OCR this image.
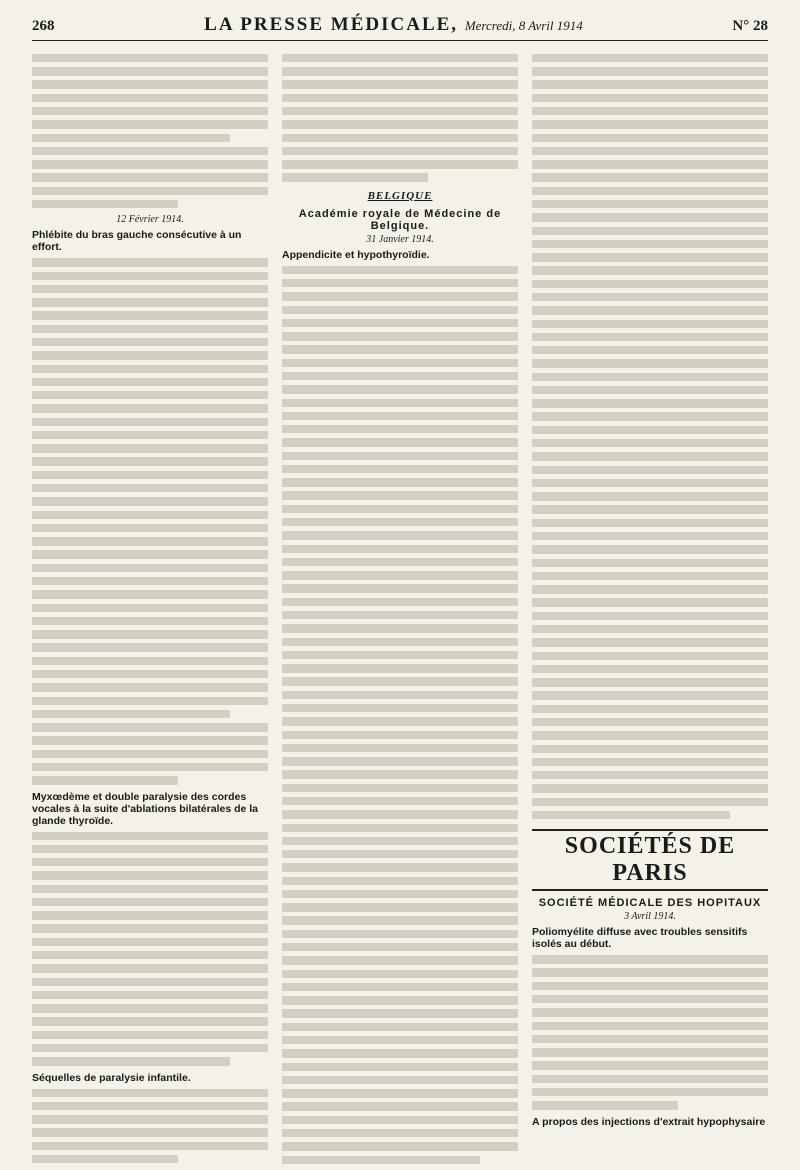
268	LA PRESSE MÉDICALE, Mercredi, 8 Avril 1914	N° 28
12 Février 1914.
Phlébite du bras gauche consécutive à un effort.
Myxœdème et double paralysie des cordes vocales à la suite d'ablations bilatérales de la glande thyroïde.
Séquelles de paralysie infantile.
BELGIQUE
Académie royale de Médecine de Belgique.
31 Janvier 1914.
Appendicite et hypothyroïdie.
SOCIÉTÉS DE PARIS
SOCIÉTÉ MÉDICALE DES HOPITAUX
3 Avril 1914.
Poliomyélite diffuse avec troubles sensitifs isolés au début.
A propos des injections d'extrait hypophysaire
